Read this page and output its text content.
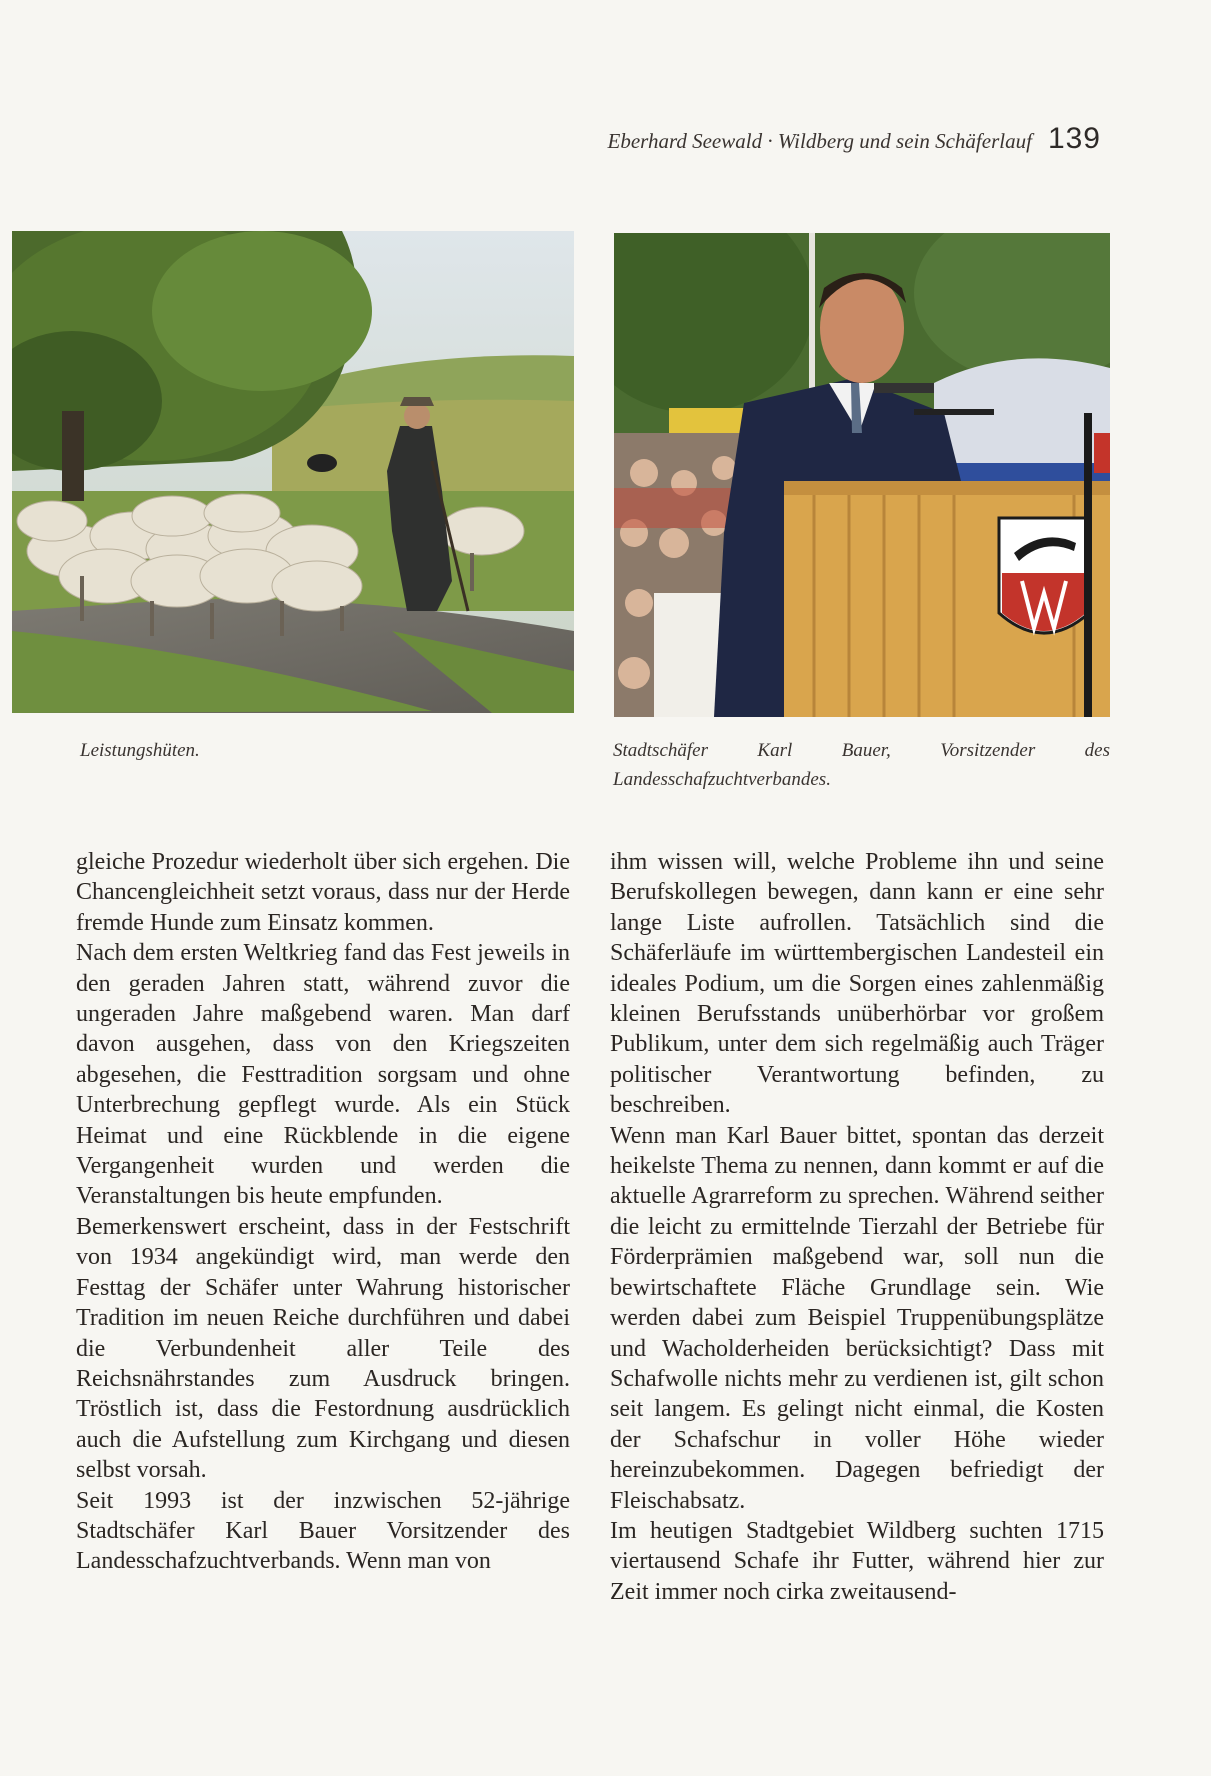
Eberhard Seewald · Wildberg und sein Schäferlauf 139
Leistungshüten.	Stadtschäfer Karl Bauer, Vorsitzender des Landesschafzuchtverbandes.

gleiche Prozedur wiederholt über sich ergehen. Die Chancengleichheit setzt voraus, dass nur der Herde fremde Hunde zum Einsatz kommen.

Nach dem ersten Weltkrieg fand das Fest jeweils in den geraden Jahren statt, während zuvor die ungeraden Jahre maßgebend waren. Man darf davon ausgehen, dass von den Kriegszeiten abgesehen, die Festtradition sorgsam und ohne Unterbrechung gepflegt wurde. Als ein Stück Heimat und eine Rückblende in die eigene Vergangenheit wurden und werden die Veranstaltungen bis heute empfunden.

Bemerkenswert erscheint, dass in der Festschrift von 1934 angekündigt wird, man werde den Festtag der Schäfer unter Wahrung historischer Tradition im neuen Reiche durchführen und dabei die Verbundenheit aller Teile des Reichsnährstandes zum Ausdruck bringen. Tröstlich ist, dass die Festordnung ausdrücklich auch die Aufstellung zum Kirchgang und diesen selbst vorsah.

Seit 1993 ist der inzwischen 52-jährige Stadtschäfer Karl Bauer Vorsitzender des Landesschafzuchtverbands. Wenn man von

ihm wissen will, welche Probleme ihn und seine Berufskollegen bewegen, dann kann er eine sehr lange Liste aufrollen. Tatsächlich sind die Schäferläufe im württembergischen Landesteil ein ideales Podium, um die Sorgen eines zahlenmäßig kleinen Berufsstands unüberhörbar vor großem Publikum, unter dem sich regelmäßig auch Träger politischer Verantwortung befinden, zu beschreiben.

Wenn man Karl Bauer bittet, spontan das derzeit heikelste Thema zu nennen, dann kommt er auf die aktuelle Agrarreform zu sprechen. Während seither die leicht zu ermittelnde Tierzahl der Betriebe für Förderprämien maßgebend war, soll nun die bewirtschaftete Fläche Grundlage sein. Wie werden dabei zum Beispiel Truppenübungsplätze und Wacholderheiden berücksichtigt? Dass mit Schafwolle nichts mehr zu verdienen ist, gilt schon seit langem. Es gelingt nicht einmal, die Kosten der Schafschur in voller Höhe wieder hereinzubekommen. Dagegen befriedigt der Fleischabsatz.

Im heutigen Stadtgebiet Wildberg suchten 1715 viertausend Schafe ihr Futter, während hier zur Zeit immer noch cirka zweitausend-
